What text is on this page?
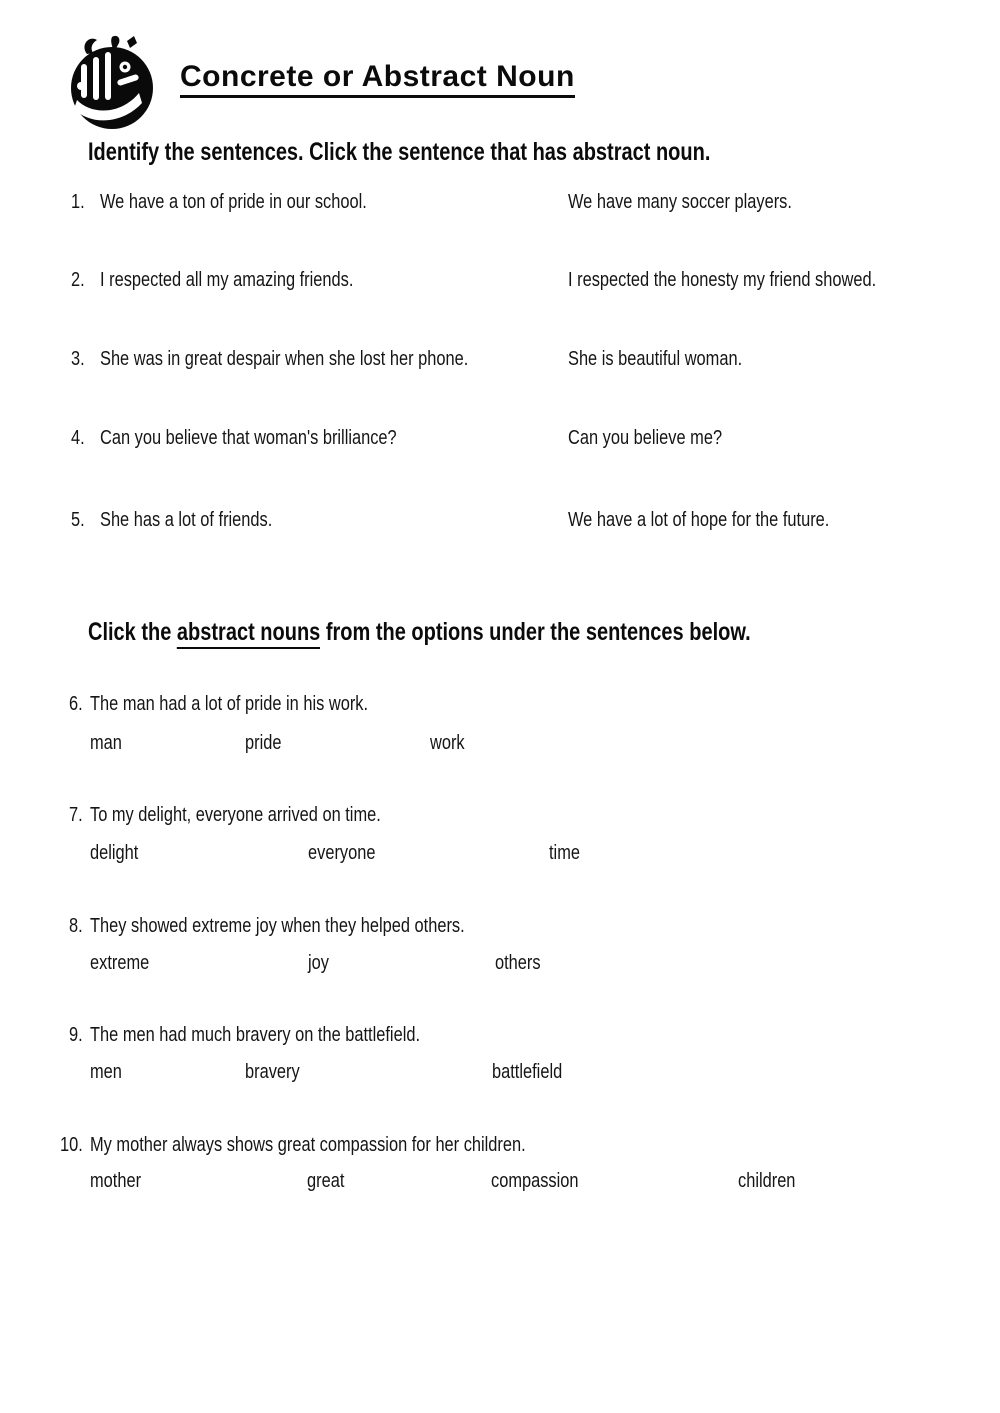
Concrete or Abstract Noun
Identify the sentences. Click the sentence that has abstract noun.
1. We have a ton of pride in our school.	We have many soccer players.
2. I respected all my amazing friends.	I respected the honesty my friend showed.
3. She was in great despair when she lost her phone.	She is beautiful woman.
4. Can you believe that woman's brilliance?	Can you believe me?
5. She has a lot of friends.	We have a lot of hope for the future.
Click the abstract nouns from the options under the sentences below.
6. The man had a lot of pride in his work.
man	pride	work
7. To my delight, everyone arrived on time.
delight	everyone	time
8. They showed extreme joy when they helped others.
extreme	joy	others
9. The men had much bravery on the battlefield.
men	bravery	battlefield
10. My mother always shows great compassion for her children.
mother	great	compassion	children
